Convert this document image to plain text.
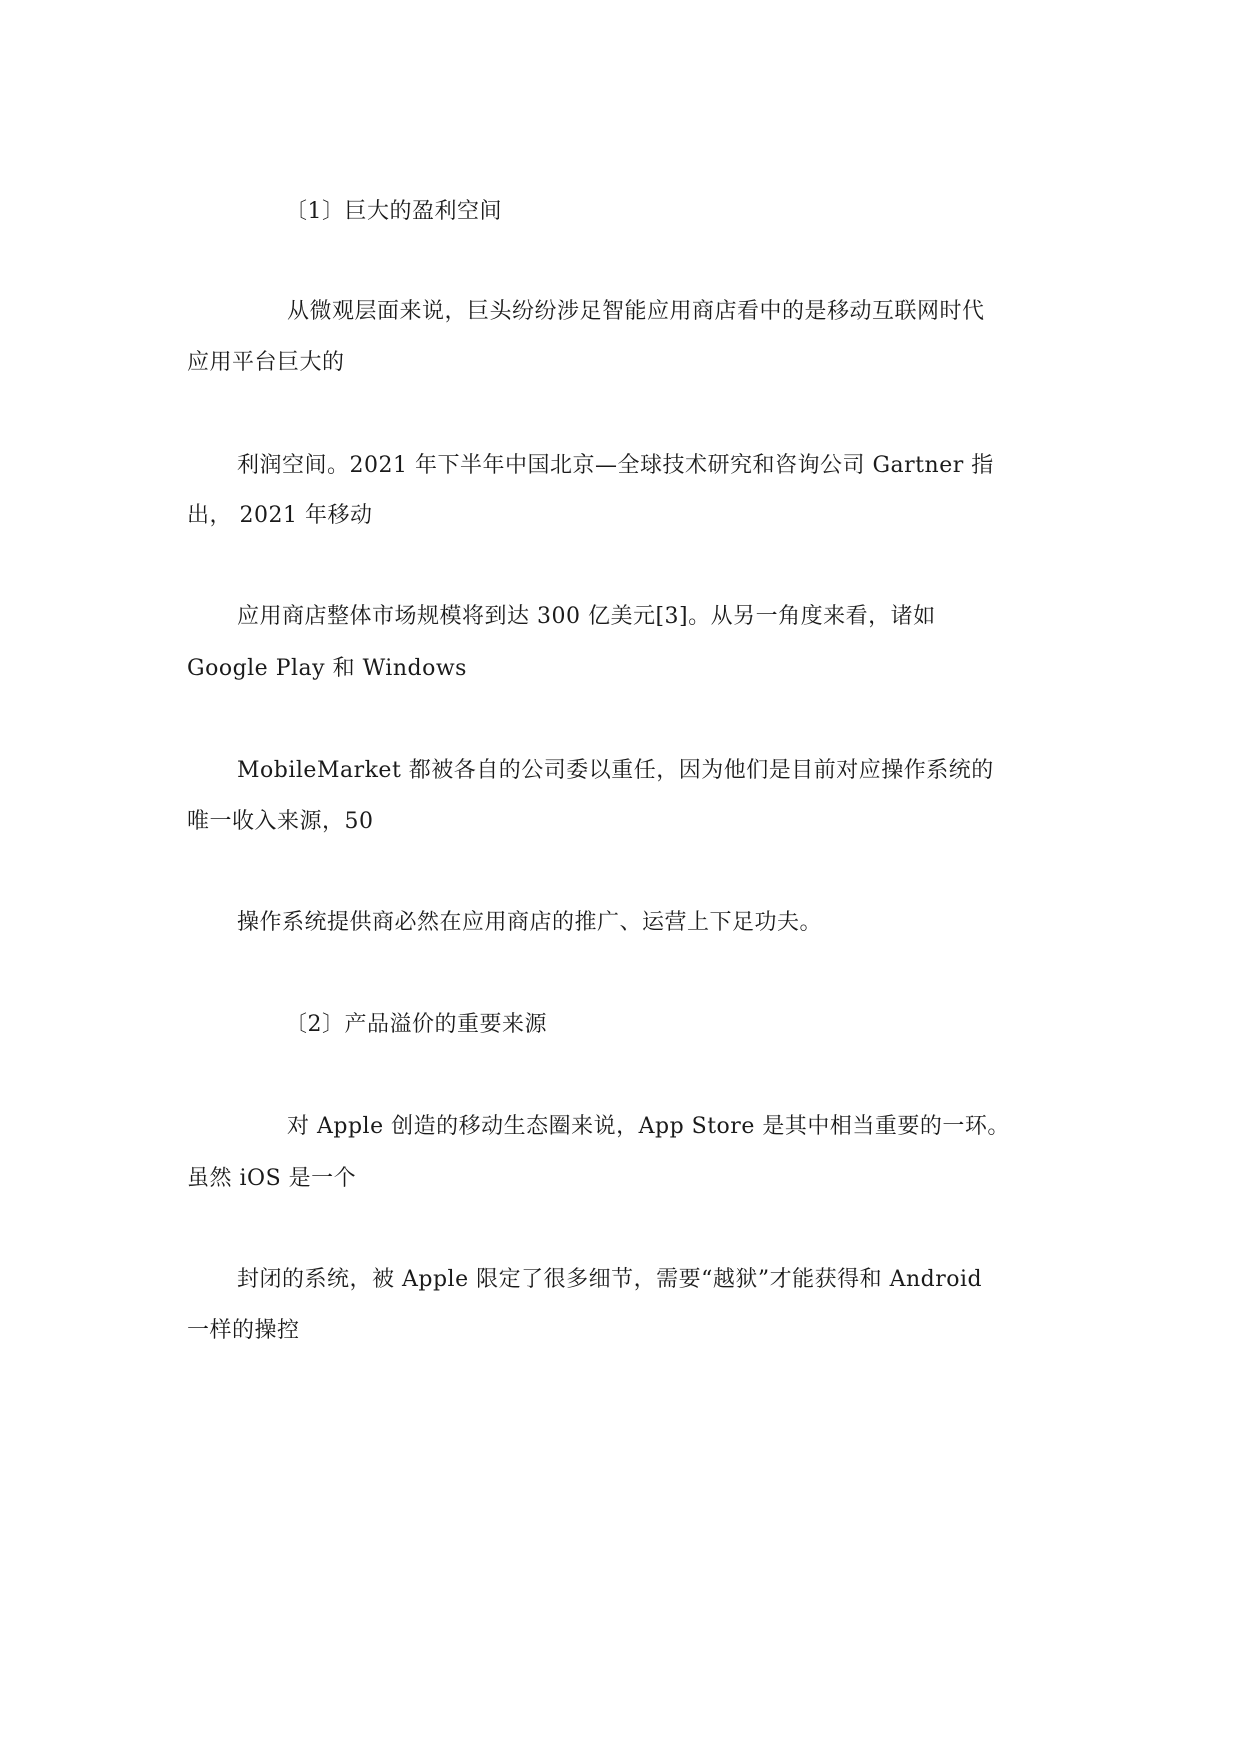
〔1〕巨大的盈利空间
从微观层面来说，巨头纷纷涉足智能应用商店看中的是移动互联网时代
应用平台巨大的
利润空间。2021 年下半年中国北京—全球技术研究和咨询公司 Gartner 指
出， 2021 年移动
应用商店整体市场规模将到达 300 亿美元[3]。从另一角度来看，诸如
Google Play 和 Windows
MobileMarket 都被各自的公司委以重任，因为他们是目前对应操作系统的
唯一收入来源，50
操作系统提供商必然在应用商店的推广、运营上下足功夫。
〔2〕产品溢价的重要来源
对 Apple 创造的移动生态圈来说，App Store 是其中相当重要的一环。
虽然 iOS 是一个
封闭的系统，被 Apple 限定了很多细节，需要“越狱”才能获得和 Android
一样的操控
